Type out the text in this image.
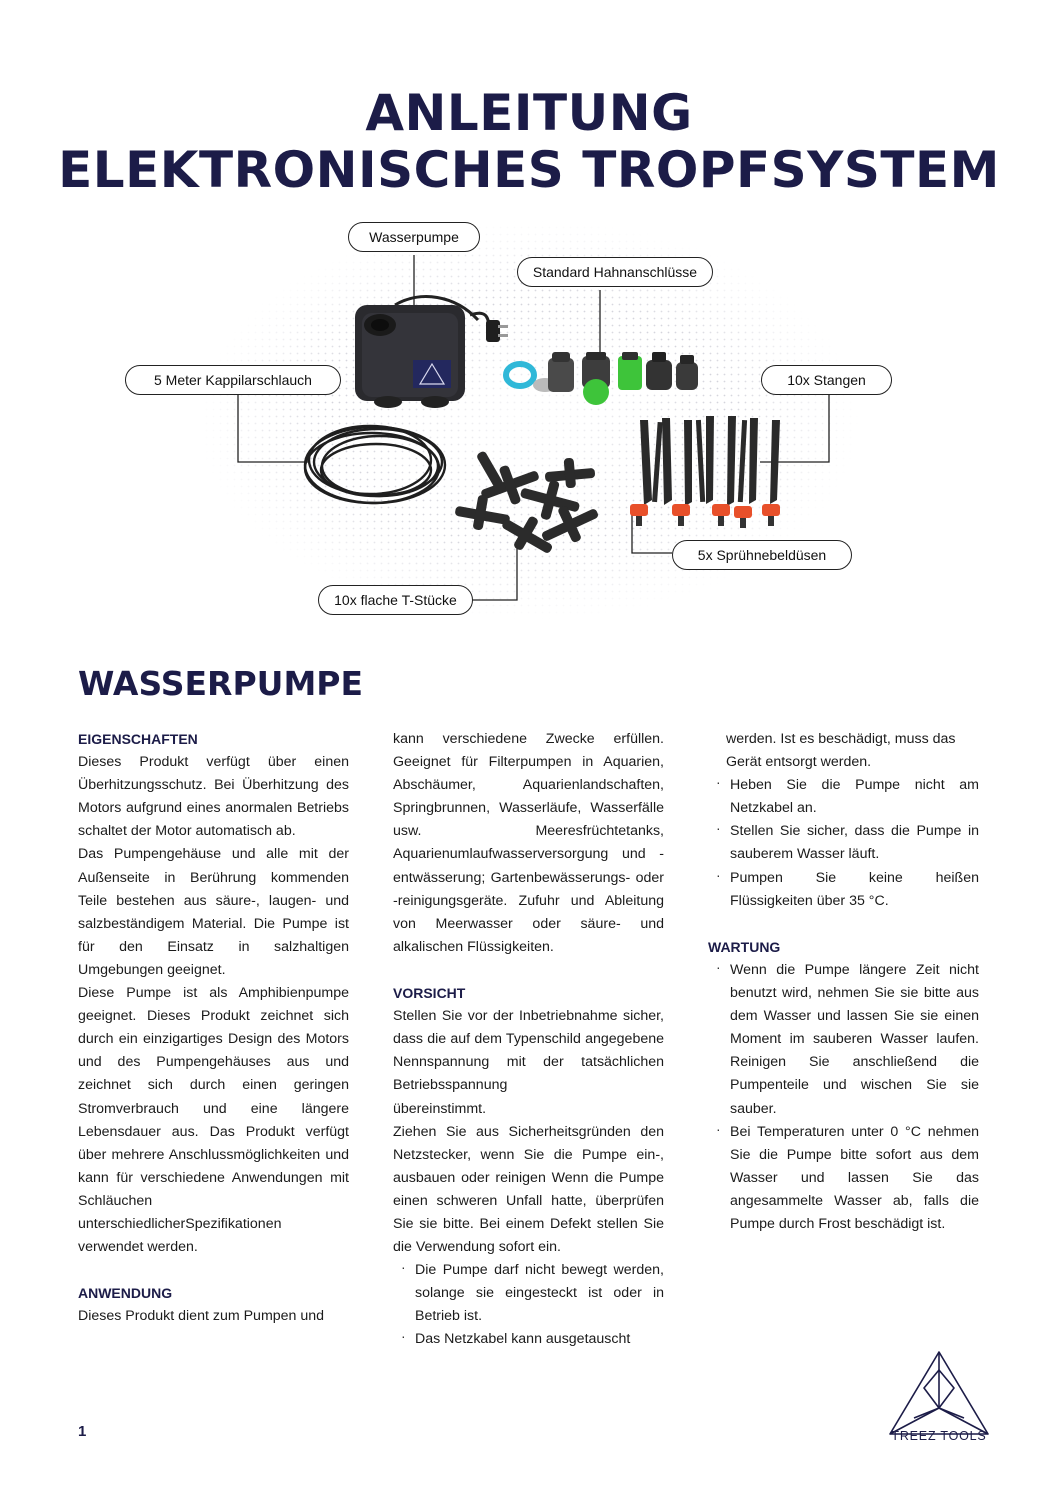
ANLEITUNG
ELEKTRONISCHES TROPFSYSTEM
Wasserpumpe
Standard Hahnanschlüsse
5 Meter Kappilarschlauch	10x Stangen
5x Sprühnebeldüsen
10x flache T-Stücke
WASSERPUMPE

EIGENSCHAFTEN

Dieses Produkt verfügt über einen Überhitzungsschutz. Bei Überhitzung des Motors aufgrund eines anormalen Betriebs schaltet der Motor automatisch ab.

Das Pumpengehäuse und alle mit der Außenseite in Berührung kommenden Teile bestehen aus säure-, laugen- und salzbeständigem Material. Die Pumpe ist für den Einsatz in salzhaltigen Umgebungen geeignet.

Diese Pumpe ist als Amphibienpumpe geeignet. Dieses Produkt zeichnet sich durch ein einzigartiges Design des Motors und des Pumpengehäuses aus und zeichnet sich durch einen geringen Stromverbrauch und eine längere Lebensdauer aus. Das Produkt verfügt über mehrere Anschlussmöglichkeiten und kann für verschiedene Anwendungen mit Schläuchen unterschiedlicherSpezifikationen

verwendet werden.

ANWENDUNG

Dieses Produkt dient zum Pumpen und

kann verschiedene Zwecke erfüllen. Geeignet für Filterpumpen in Aquarien, Abschäumer, Aquarienlandschaften, Springbrunnen, Wasserläufe, Wasserfälle usw. Meeresfrüchtetanks, Aquarienumlaufwasserversorgung und -entwässerung; Gartenbewässerungs- oder -reinigungsgeräte. Zufuhr und Ableitung von Meerwasser oder säure- und alkalischen Flüssigkeiten.

VORSICHT

Stellen Sie vor der Inbetriebnahme sicher, dass die auf dem Typenschild angegebene Nennspannung mit der tatsächlichen Betriebsspannung

übereinstimmt.

Ziehen Sie aus Sicherheitsgründen den Netzstecker, wenn Sie die Pumpe ein-, ausbauen oder reinigen Wenn die Pumpe einen schweren Unfall hatte, überprüfen Sie sie bitte. Bei einem Defekt stellen Sie die Verwendung sofort ein.

· Die Pumpe darf nicht bewegt werden, solange sie eingesteckt ist oder in Betrieb ist.
· Das Netzkabel kann ausgetauscht

werden. Ist es beschädigt, muss das Gerät entsorgt werden.

· Heben Sie die Pumpe nicht am Netzkabel an.
· Stellen Sie sicher, dass die Pumpe in sauberem Wasser läuft.
· Pumpen Sie keine heißen Flüssigkeiten über 35 °C.

WARTUNG

· Wenn die Pumpe längere Zeit nicht benutzt wird, nehmen Sie sie bitte aus dem Wasser und lassen Sie sie einen Moment im sauberen Wasser laufen. Reinigen Sie anschließend die Pumpenteile und wischen Sie sie sauber.
· Bei Temperaturen unter 0 °C nehmen Sie die Pumpe bitte sofort aus dem Wasser und lassen Sie das angesammelte Wasser ab, falls die Pumpe durch Frost beschädigt ist.
1	TREEZ TOOLS
